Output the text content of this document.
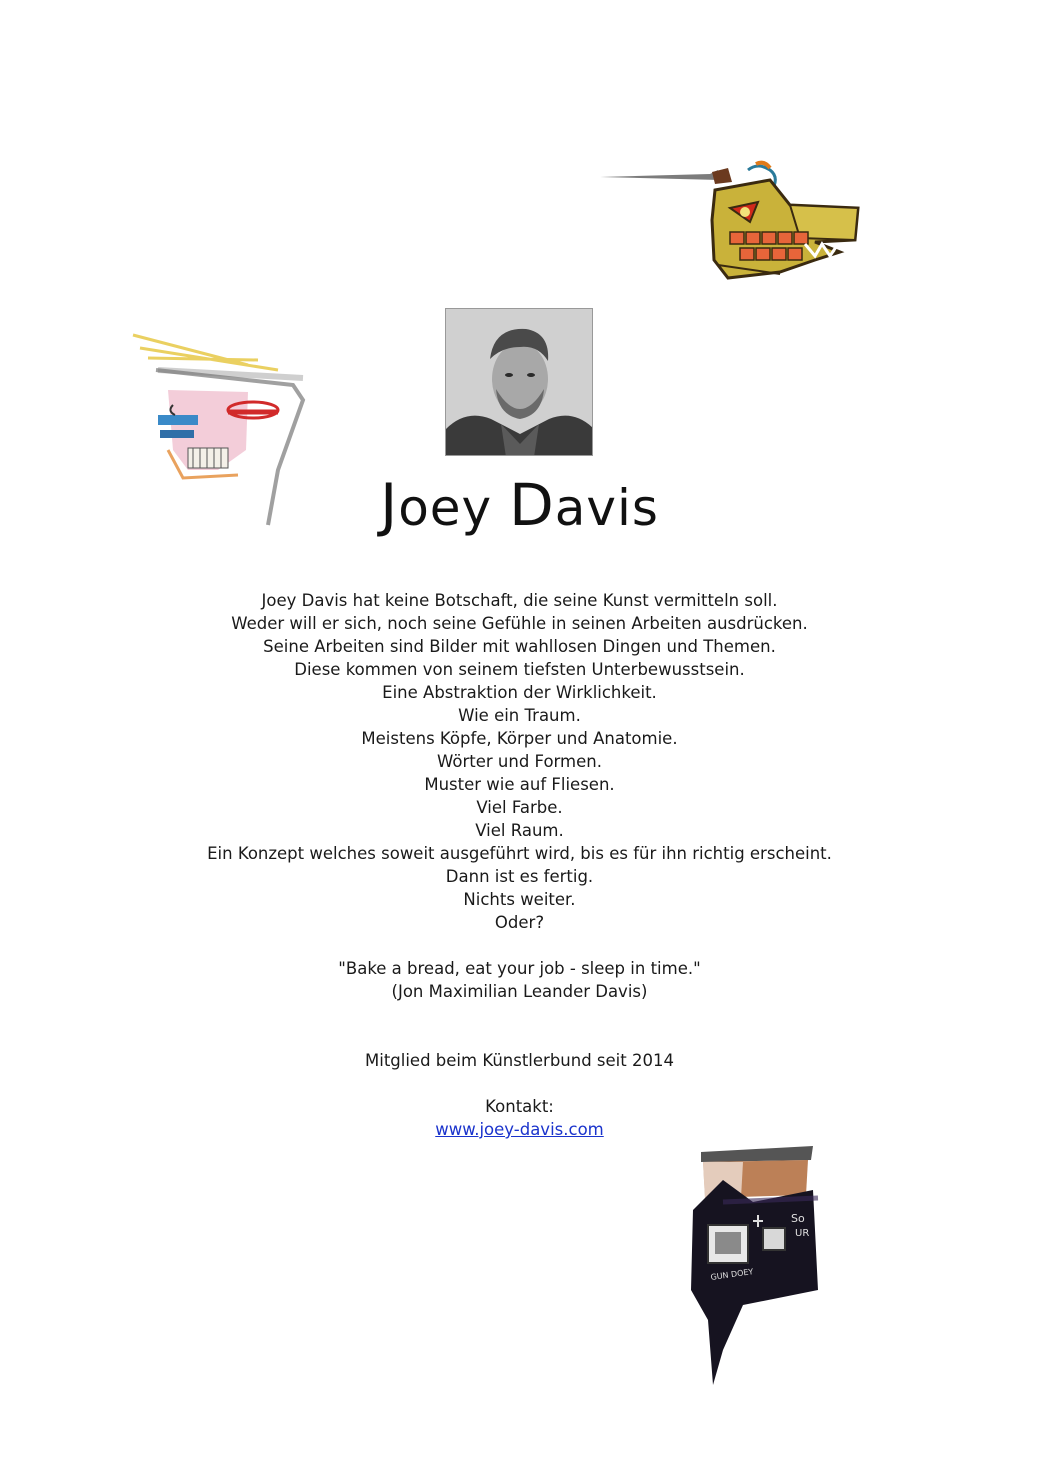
Joey Davis
Joey Davis hat keine Botschaft, die seine Kunst vermitteln soll.
Weder will er sich, noch seine Gefühle in seinen Arbeiten ausdrücken.
Seine Arbeiten sind Bilder mit wahllosen Dingen und Themen.
Diese kommen von seinem tiefsten Unterbewusstsein.
Eine Abstraktion der Wirklichkeit.
Wie ein Traum.
Meistens Köpfe, Körper und Anatomie.
Wörter und Formen.
Muster wie auf Fliesen.
Viel Farbe.
Viel Raum.
Ein Konzept welches soweit ausgeführt wird, bis es für ihn richtig erscheint.
Dann ist es fertig.
Nichts weiter.
Oder?
"Bake a bread, eat your job - sleep in time."
(Jon Maximilian Leander Davis)
Mitglied beim Künstlerbund seit 2014
Kontakt:
www.joey-davis.com
So
UR
GUN DOEY
